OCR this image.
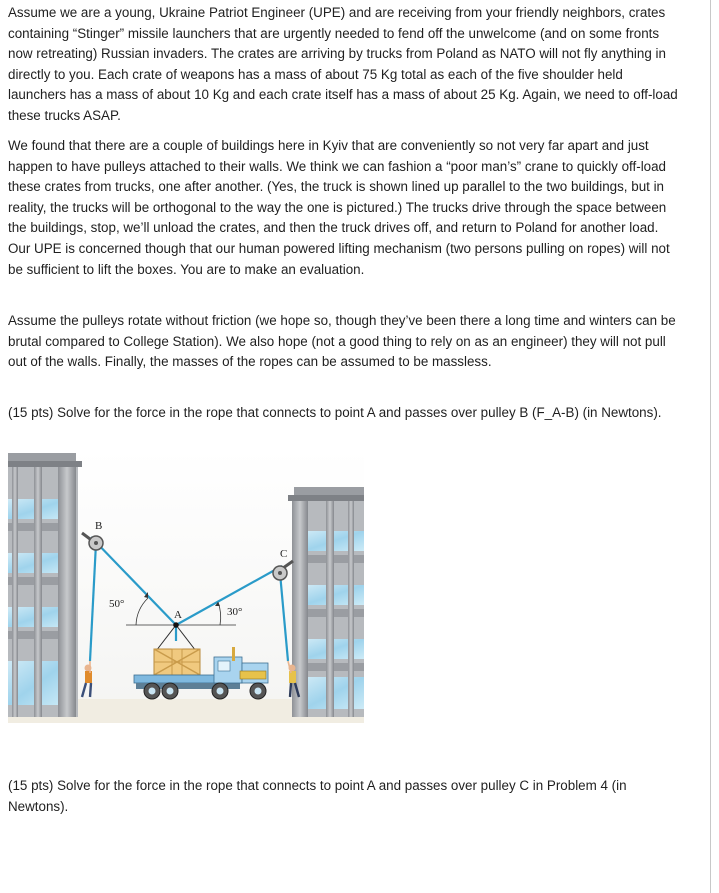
Assume we are a young, Ukraine Patriot Engineer (UPE) and are receiving from your friendly neighbors, crates containing “Stinger” missile launchers that are urgently needed to fend off the unwelcome (and on some fronts now retreating) Russian invaders. The crates are arriving by trucks from Poland as NATO will not fly anything in directly to you. Each crate of weapons has a mass of about 75 Kg total as each of the five shoulder held launchers has a mass of about 10 Kg and each crate itself has a mass of about 25 Kg. Again, we need to off-load these trucks ASAP.

We found that there are a couple of buildings here in Kyiv that are conveniently so not very far apart and just happen to have pulleys attached to their walls. We think we can fashion a “poor man’s” crane to quickly off-load these crates from trucks, one after another. (Yes, the truck is shown lined up parallel to the two buildings, but in reality, the trucks will be orthogonal to the way the one is pictured.) The trucks drive through the space between the buildings, stop, we’ll unload the crates, and then the truck drives off, and return to Poland for another load. Our UPE is concerned though that our human powered lifting mechanism (two persons pulling on ropes) will not be sufficient to lift the boxes. You are to make an evaluation.

Assume the pulleys rotate without friction (we hope so, though they’ve been there a long time and winters can be brutal compared to College Station). We also hope (not a good thing to rely on as an engineer) they will not pull out of the walls. Finally, the masses of the ropes can be assumed to be massless.

(15 pts) Solve for the force in the rope that connects to point A and passes over pulley B (F_A-B) (in Newtons).

B
C
A
50°
30°

(15 pts) Solve for the force in the rope that connects to point A and passes over pulley C in Problem 4 (in Newtons).
